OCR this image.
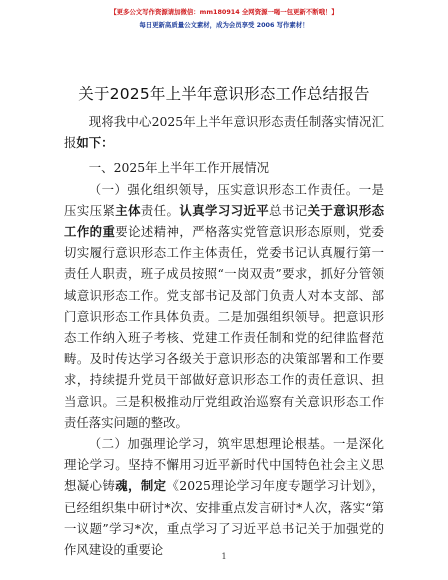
【更多公文写作资源请加微信：mm180914 全网资源一喝一包更新不断哦！】
每日更新高质量公文素材，成为会员享受 2006 写作素材！
关于2025年上半年意识形态工作总结报告

现将我中心2025年上半年意识形态责任制落实情况汇报如下：

一、2025年上半年工作开展情况

（一）强化组织领导，压实意识形态工作责任。一是压实压紧主体责任。认真学习习近平总书记关于意识形态工作的重要论述精神，严格落实党管意识形态原则，党委切实履行意识形态工作主体责任，党委书记认真履行第一责任人职责，班子成员按照“一岗双责”要求，抓好分管领域意识形态工作。党支部书记及部门负责人对本支部、部门意识形态工作具体负责。二是加强组织领导。把意识形态工作纳入班子考核、党建工作责任制和党的纪律监督范畴。及时传达学习各级关于意识形态的决策部署和工作要求，持续提升党员干部做好意识形态工作的责任意识、担当意识。三是积极推动厅党组政治巡察有关意识形态工作责任落实问题的整改。

（二）加强理论学习，筑牢思想理论根基。一是深化理论学习。坚持不懈用习近平新时代中国特色社会主义思想凝心铸魂，制定《2025理论学习年度专题学习计划》，已经组织集中研讨*次、安排重点发言研讨*人次，落实“第一议题”学习*次，重点学习了习近平总书记关于加强党的作风建设的重要论	1
